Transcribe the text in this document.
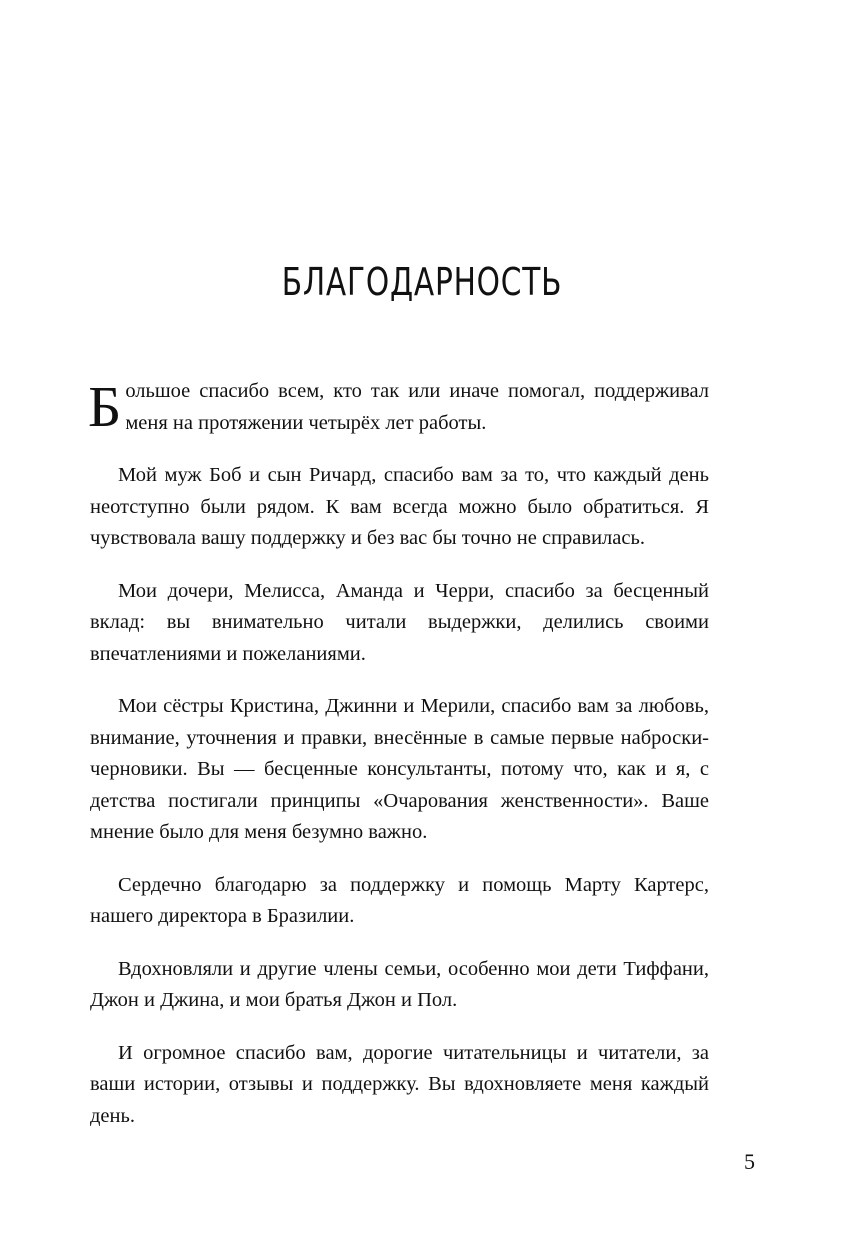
БЛАГОДАРНОСТЬ

Большое спасибо всем, кто так или иначе помогал, поддерживал меня на протяжении четырёх лет работы.

Мой муж Боб и сын Ричард, спасибо вам за то, что каждый день неотступно были рядом. К вам всегда можно было обратиться. Я чувствовала вашу поддержку и без вас бы точно не справилась.

Мои дочери, Мелисса, Аманда и Черри, спасибо за бесценный вклад: вы внимательно читали выдержки, делились своими впечатлениями и пожеланиями.

Мои сёстры Кристина, Джинни и Мерили, спасибо вам за любовь, внимание, уточнения и правки, внесённые в самые первые наброски-черновики. Вы — бесценные консультанты, потому что, как и я, с детства постигали принципы «Очарования женственности». Ваше мнение было для меня безумно важно.

Сердечно благодарю за поддержку и помощь Марту Картерс, нашего директора в Бразилии.

Вдохновляли и другие члены семьи, особенно мои дети Тиффани, Джон и Джина, и мои братья Джон и Пол.

И огромное спасибо вам, дорогие читательницы и читатели, за ваши истории, отзывы и поддержку. Вы вдохновляете меня каждый день.

5
